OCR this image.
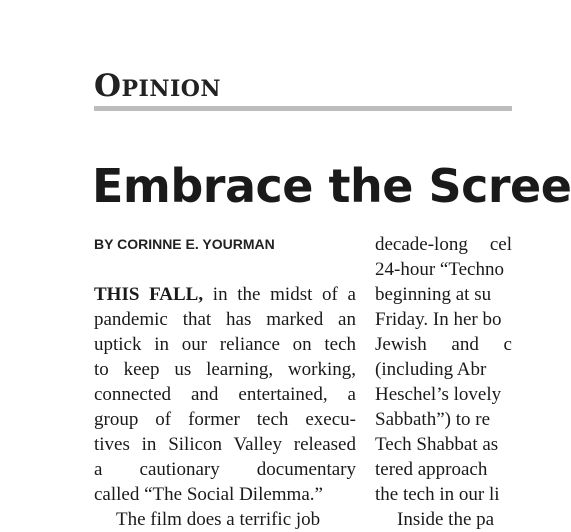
Opinion
Embrace the Scree
BY CORINNE E. YOURMAN
THIS FALL, in the midst of a
pandemic that has marked an
uptick in our reliance on tech
to keep us learning, working,
connected and entertained, a
group of former tech execu-
tives in Silicon Valley released
a cautionary documentary
called “The Social Dilemma.”
The film does a terrific job
decade-long cel
24-hour “Techno
beginning at su
Friday. In her bo
Jewish and c
(including Abr
Heschel’s lovely
Sabbath”) to re
Tech Shabbat as
tered approach
the tech in our li
Inside the pa
